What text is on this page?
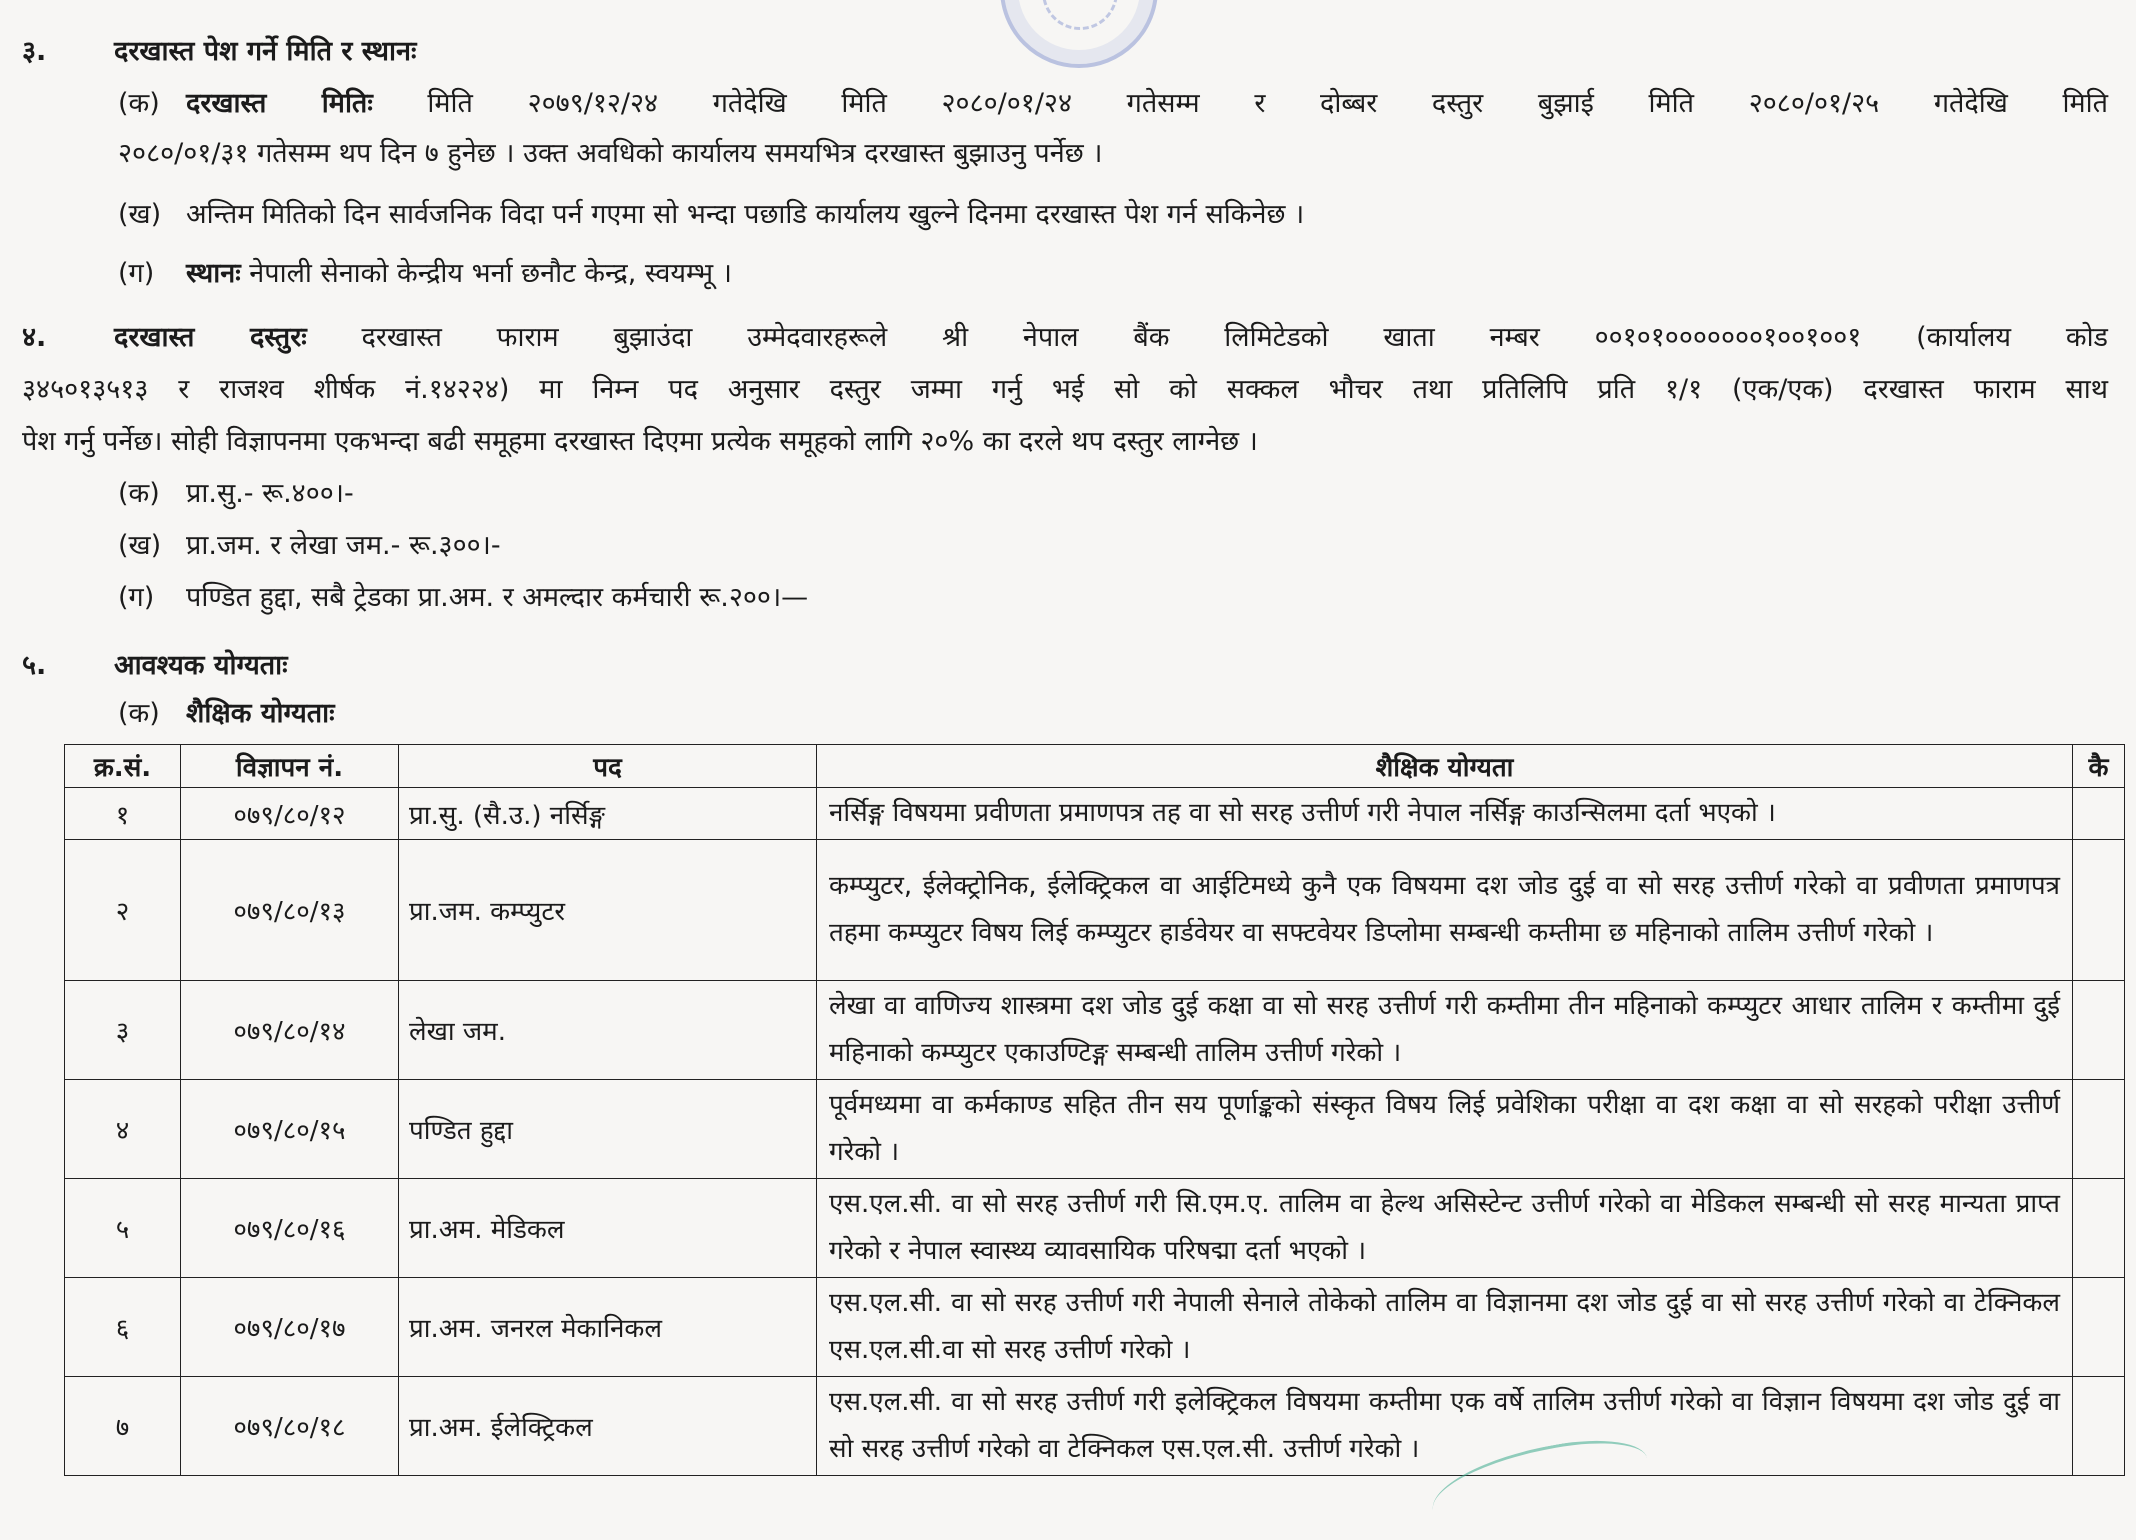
३.	दरखास्त पेश गर्ने मिति र स्थानः
(क) दरखास्त मितिः मिति २०७९/१२/२४ गतेदेखि मिति २०८०/०१/२४ गतेसम्म र दोब्बर दस्तुर बुझाई मिति २०८०/०१/२५ गतेदेखि मिति
२०८०/०१/३१ गतेसम्म थप दिन ७ हुनेछ । उक्त अवधिको कार्यालय समयभित्र दरखास्त बुझाउनु पर्नेछ ।
(ख) अन्तिम मितिको दिन सार्वजनिक विदा पर्न गएमा सो भन्दा पछाडि कार्यालय खुल्ने दिनमा दरखास्त पेश गर्न सकिनेछ ।
(ग) स्थानः नेपाली सेनाको केन्द्रीय भर्ना छनौट केन्द्र, स्वयम्भू ।
४.	दरखास्त दस्तुरः दरखास्त फाराम बुझाउंदा उम्मेदवारहरूले श्री नेपाल बैंक लिमिटेडको खाता नम्बर ००१०१०००००००१००१००१ (कार्यालय कोड
३४५०१३५१३ र राजश्व शीर्षक नं.१४२२४) मा निम्न पद अनुसार दस्तुर जम्मा गर्नु भई सो को सक्कल भौचर तथा प्रतिलिपि प्रति १/१ (एक/एक) दरखास्त फाराम साथ
पेश गर्नु पर्नेछ। सोही विज्ञापनमा एकभन्दा बढी समूहमा दरखास्त दिएमा प्रत्येक समूहको लागि २०% का दरले थप दस्तुर लाग्नेछ ।
(क) प्रा.सु.- रू.४००।-
(ख) प्रा.जम. र लेखा जम.- रू.३००।-
(ग) पण्डित हुद्दा, सबै ट्रेडका प्रा.अम. र अमल्दार कर्मचारी रू.२००।—
५.	आवश्यक योग्यताः
(क) शैक्षिक योग्यताः
क्र.सं.	विज्ञापन नं.	पद	शैक्षिक योग्यता	कै
१	०७९/८०/१२	प्रा.सु. (सै.उ.) नर्सिङ्ग	नर्सिङ्ग विषयमा प्रवीणता प्रमाणपत्र तह वा सो सरह उत्तीर्ण गरी नेपाल नर्सिङ्ग काउन्सिलमा दर्ता भएको ।	
२	०७९/८०/१३	प्रा.जम. कम्प्युटर	कम्प्युटर, ईलेक्ट्रोनिक, ईलेक्ट्रिकल वा आईटिमध्ये कुनै एक विषयमा दश जोड दुई वा सो सरह उत्तीर्ण गरेको वा प्रवीणता प्रमाणपत्र तहमा कम्प्युटर विषय लिई कम्प्युटर हार्डवेयर वा सफ्टवेयर डिप्लोमा सम्बन्धी कम्तीमा छ महिनाको तालिम उत्तीर्ण गरेको ।	
३	०७९/८०/१४	लेखा जम.	लेखा वा वाणिज्य शास्त्रमा दश जोड दुई कक्षा वा सो सरह उत्तीर्ण गरी कम्तीमा तीन महिनाको कम्प्युटर आधार तालिम र कम्तीमा दुई महिनाको कम्प्युटर एकाउण्टिङ्ग सम्बन्धी तालिम उत्तीर्ण गरेको ।	
४	०७९/८०/१५	पण्डित हुद्दा	पूर्वमध्यमा वा कर्मकाण्ड सहित तीन सय पूर्णाङ्कको संस्कृत विषय लिई प्रवेशिका परीक्षा वा दश कक्षा वा सो सरहको परीक्षा उत्तीर्ण गरेको ।	
५	०७९/८०/१६	प्रा.अम. मेडिकल	एस.एल.सी. वा सो सरह उत्तीर्ण गरी सि.एम.ए. तालिम वा हेल्थ असिस्टेन्ट उत्तीर्ण गरेको वा मेडिकल सम्बन्धी सो सरह मान्यता प्राप्त गरेको र नेपाल स्वास्थ्य व्यावसायिक परिषद्मा दर्ता भएको ।	
६	०७९/८०/१७	प्रा.अम. जनरल मेकानिकल	एस.एल.सी. वा सो सरह उत्तीर्ण गरी नेपाली सेनाले तोकेको तालिम वा विज्ञानमा दश जोड दुई वा सो सरह उत्तीर्ण गरेको वा टेक्निकल एस.एल.सी.वा सो सरह उत्तीर्ण गरेको ।	
७	०७९/८०/१८	प्रा.अम. ईलेक्ट्रिकल	एस.एल.सी. वा सो सरह उत्तीर्ण गरी इलेक्ट्रिकल विषयमा कम्तीमा एक वर्षे तालिम उत्तीर्ण गरेको वा विज्ञान विषयमा दश जोड दुई वा सो सरह उत्तीर्ण गरेको वा टेक्निकल एस.एल.सी. उत्तीर्ण गरेको ।	
